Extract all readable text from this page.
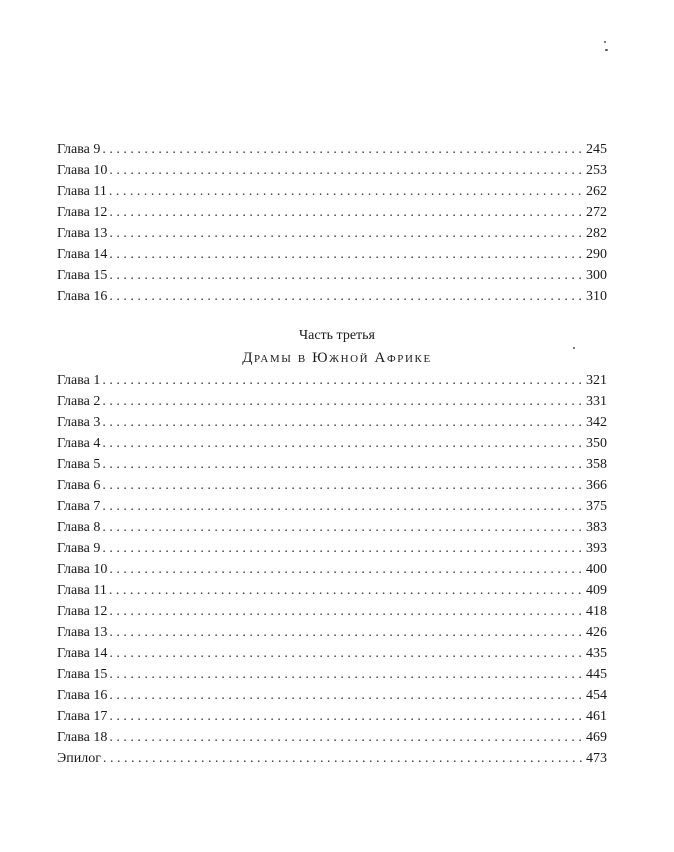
Глава 9 . . .	245
Глава 10 . . .	253
Глава 11 . . .	262
Глава 12 . . .	272
Глава 13 . . .	282
Глава 14 . . .	290
Глава 15 . . .	300
Глава 16 . . .	310
Часть третья
Драмы в Южной Африке
Глава 1 . . .	321
Глава 2 . . .	331
Глава 3 . . .	342
Глава 4 . . .	350
Глава 5 . . .	358
Глава 6 . . .	366
Глава 7 . . .	375
Глава 8 . . .	383
Глава 9 . . .	393
Глава 10 . . .	400
Глава 11 . . .	409
Глава 12 . . .	418
Глава 13 . . .	426
Глава 14 . . .	435
Глава 15 . . .	445
Глава 16 . . .	454
Глава 17 . . .	461
Глава 18 . . .	469
Эпилог . . .	473
